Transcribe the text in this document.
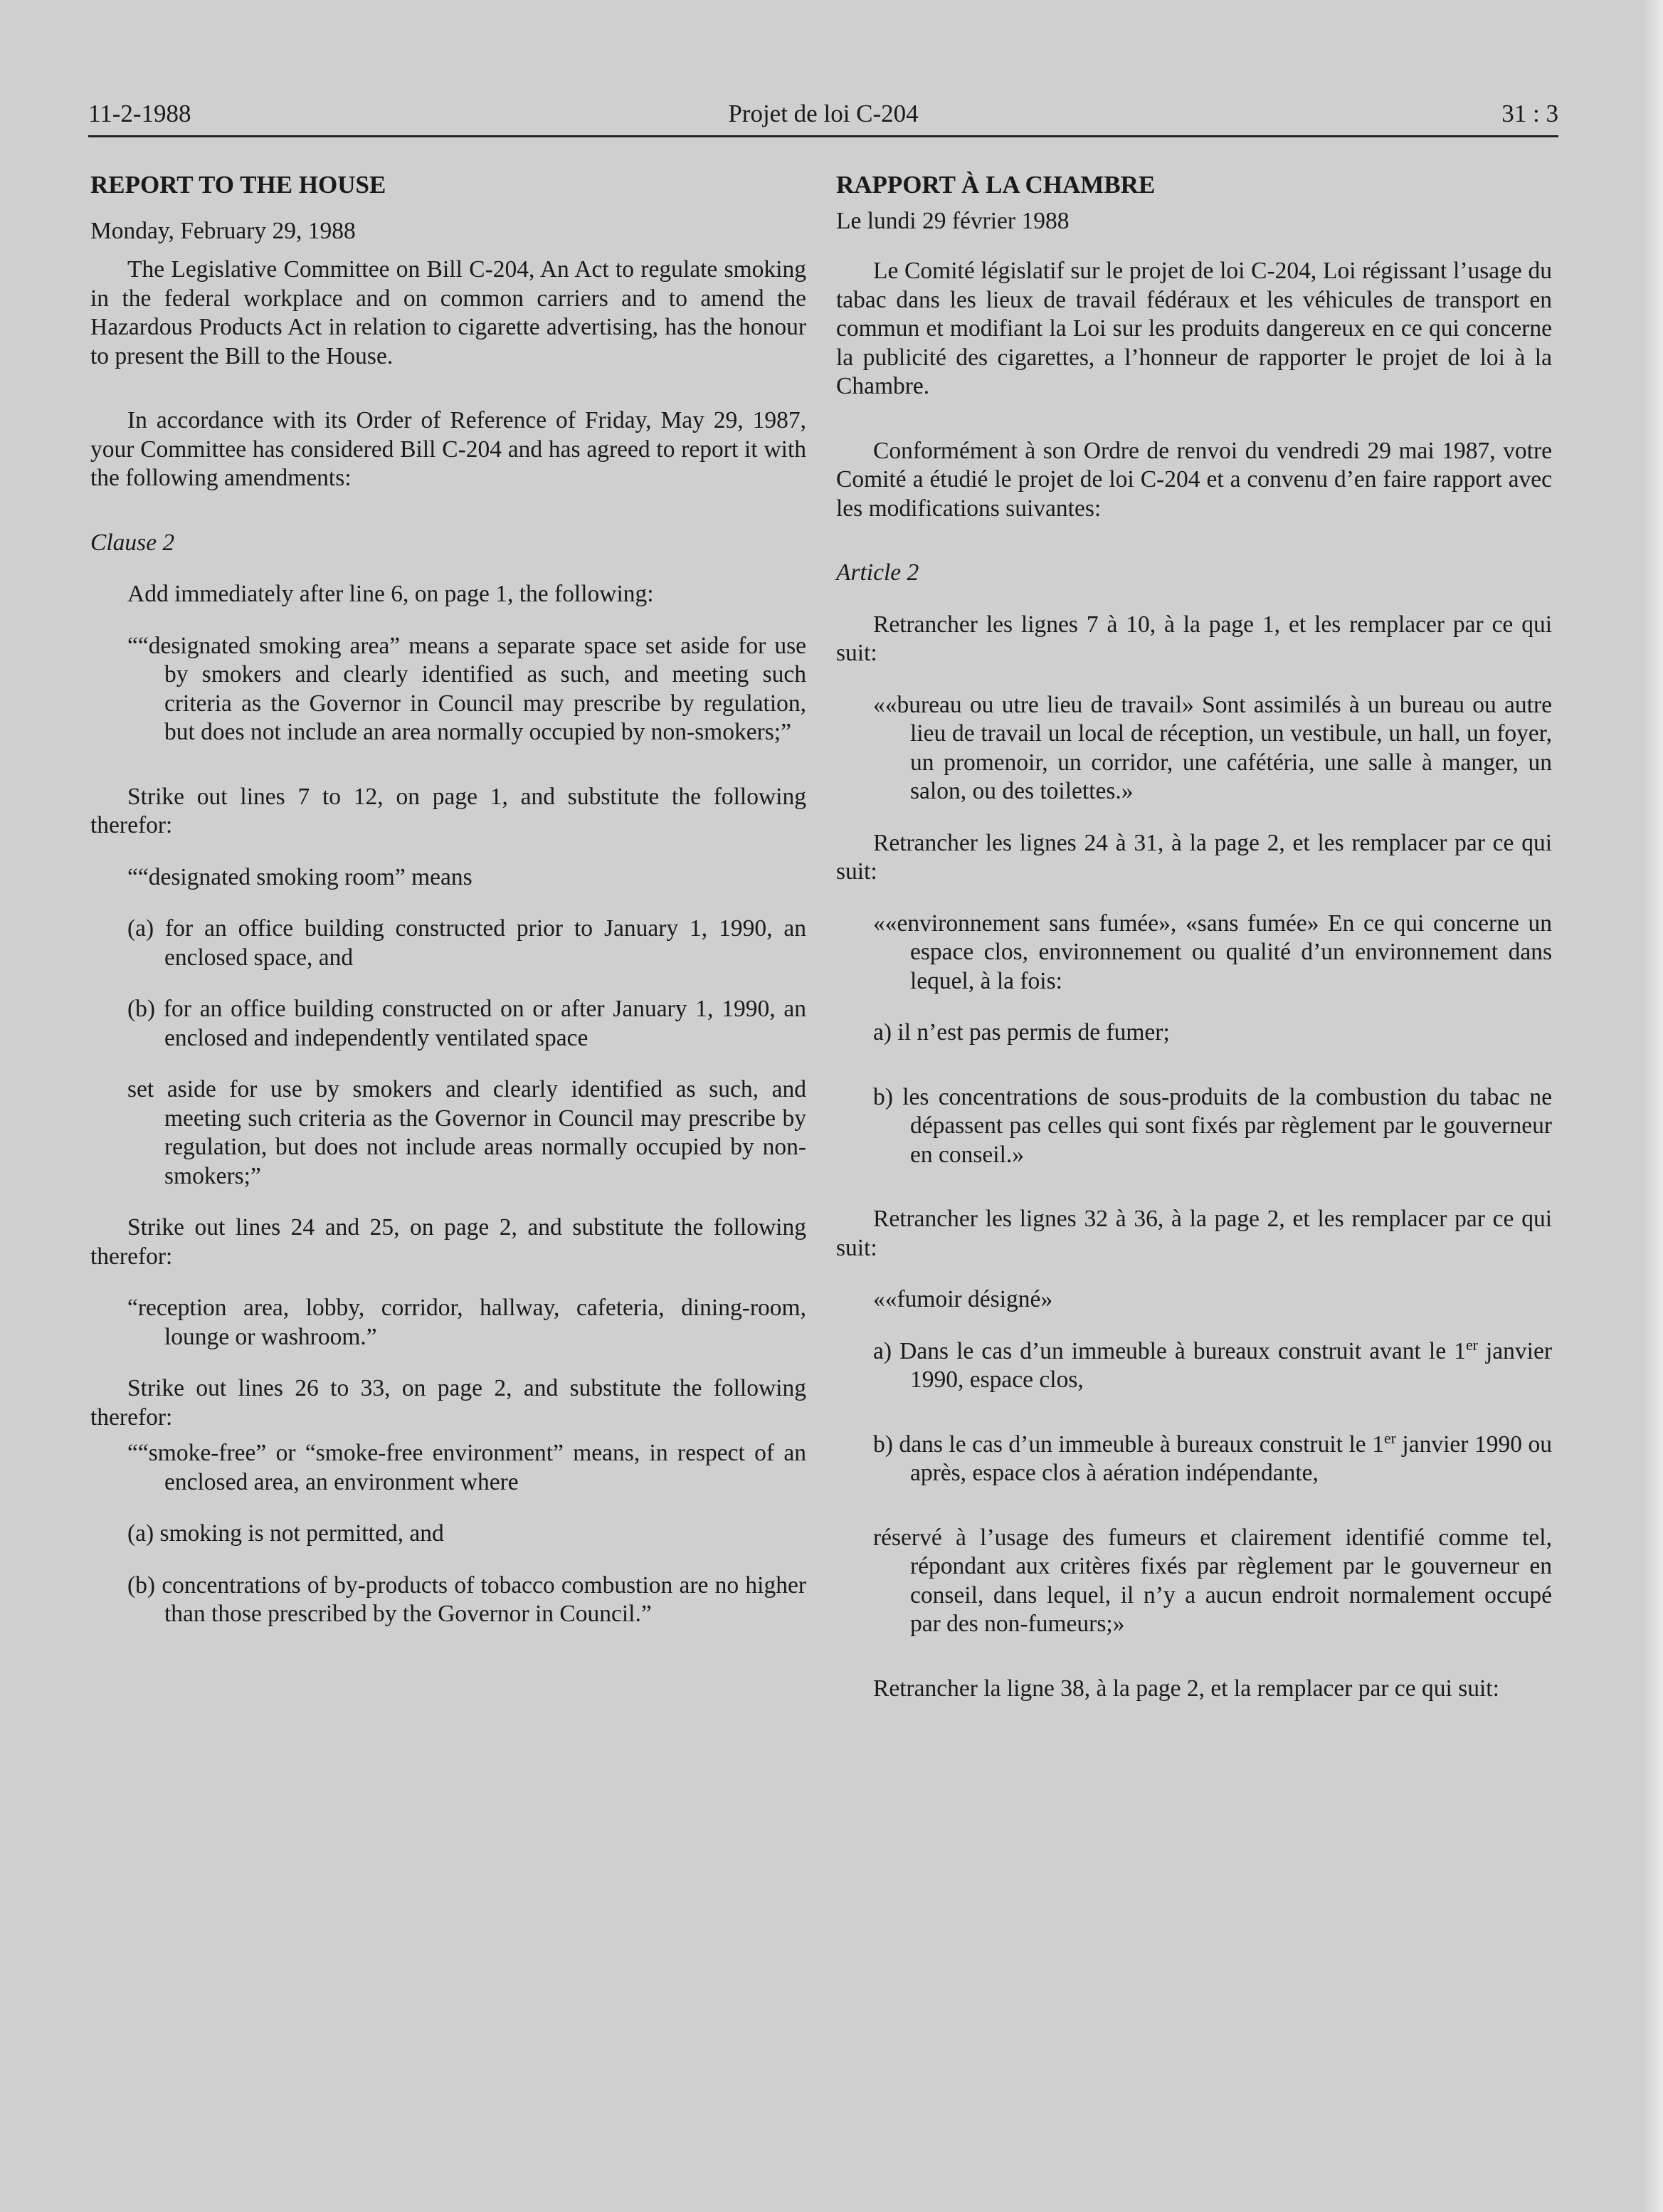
11-2-1988	Projet de loi C-204	31 : 3

REPORT TO THE HOUSE

Monday, February 29, 1988

The Legislative Committee on Bill C-204, An Act to regulate smoking in the federal workplace and on common carriers and to amend the Hazardous Products Act in relation to cigarette advertising, has the honour to present the Bill to the House.

In accordance with its Order of Reference of Friday, May 29, 1987, your Committee has considered Bill C-204 and has agreed to report it with the following amendments:

Clause 2

Add immediately after line 6, on page 1, the following:

““designated smoking area” means a separate space set aside for use by smokers and clearly identified as such, and meeting such criteria as the Governor in Council may prescribe by regulation, but does not include an area normally occupied by non-smokers;”

Strike out lines 7 to 12, on page 1, and substitute the following therefor:

““designated smoking room” means

(a) for an office building constructed prior to January 1, 1990, an enclosed space, and

(b) for an office building constructed on or after January 1, 1990, an enclosed and independently ventilated space

set aside for use by smokers and clearly identified as such, and meeting such criteria as the Governor in Council may prescribe by regulation, but does not include areas normally occupied by non-smokers;”

Strike out lines 24 and 25, on page 2, and substitute the following therefor:

“reception area, lobby, corridor, hallway, cafeteria, dining-room, lounge or washroom.”

Strike out lines 26 to 33, on page 2, and substitute the following therefor:

““smoke-free” or “smoke-free environment” means, in respect of an enclosed area, an environment where

(a) smoking is not permitted, and

(b) concentrations of by-products of tobacco combustion are no higher than those prescribed by the Governor in Council.”

RAPPORT À LA CHAMBRE

Le lundi 29 février 1988

Le Comité législatif sur le projet de loi C-204, Loi régissant l’usage du tabac dans les lieux de travail fédéraux et les véhicules de transport en commun et modifiant la Loi sur les produits dangereux en ce qui concerne la publicité des cigarettes, a l’honneur de rapporter le projet de loi à la Chambre.

Conformément à son Ordre de renvoi du vendredi 29 mai 1987, votre Comité a étudié le projet de loi C-204 et a convenu d’en faire rapport avec les modifications suivantes:

Article 2

Retrancher les lignes 7 à 10, à la page 1, et les remplacer par ce qui suit:

««bureau ou utre lieu de travail» Sont assimilés à un bureau ou autre lieu de travail un local de réception, un vestibule, un hall, un foyer, un promenoir, un corridor, une cafétéria, une salle à manger, un salon, ou des toilettes.»

Retrancher les lignes 24 à 31, à la page 2, et les remplacer par ce qui suit:

««environnement sans fumée», «sans fumée» En ce qui concerne un espace clos, environnement ou qualité d’un environnement dans lequel, à la fois:

a) il n’est pas permis de fumer;

b) les concentrations de sous-produits de la combustion du tabac ne dépassent pas celles qui sont fixés par règlement par le gouverneur en conseil.»

Retrancher les lignes 32 à 36, à la page 2, et les remplacer par ce qui suit:

««fumoir désigné»

a) Dans le cas d’un immeuble à bureaux construit avant le 1er janvier 1990, espace clos,

b) dans le cas d’un immeuble à bureaux construit le 1er janvier 1990 ou après, espace clos à aération indépendante,

réservé à l’usage des fumeurs et clairement identifié comme tel, répondant aux critères fixés par règlement par le gouverneur en conseil, dans lequel, il n’y a aucun endroit normalement occupé par des non-fumeurs;»

Retrancher la ligne 38, à la page 2, et la remplacer par ce qui suit:
